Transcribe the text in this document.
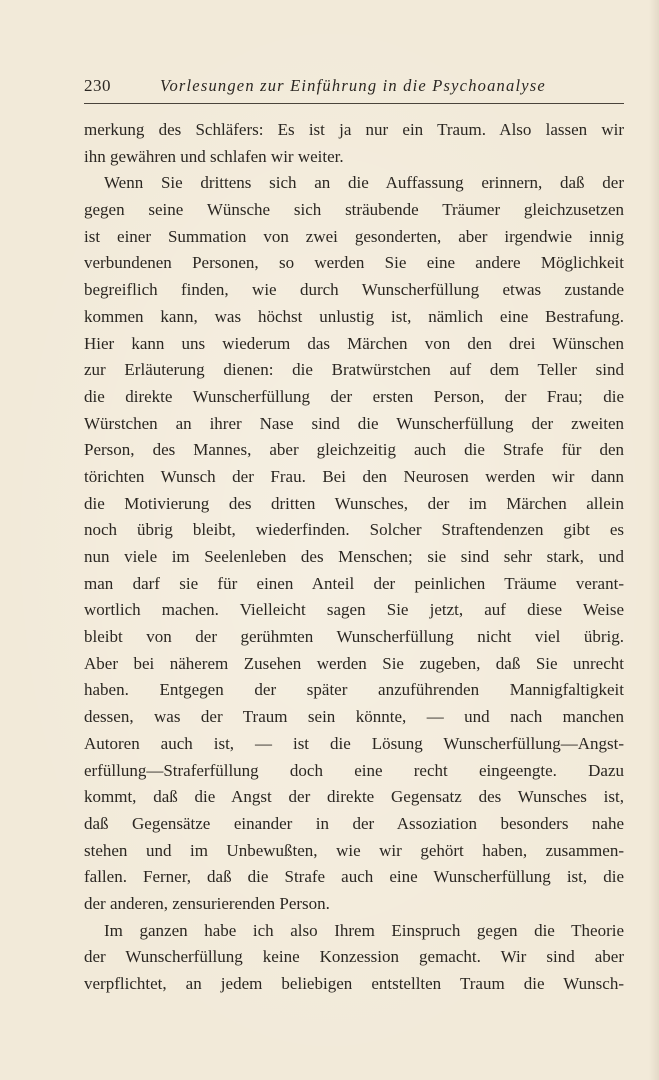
230	Vorlesungen zur Einführung in die Psychoanalyse
merkung des Schläfers: Es ist ja nur ein Traum. Also lassen wir
ihn gewähren und schlafen wir weiter.
Wenn Sie drittens sich an die Auffassung erinnern, daß der
gegen seine Wünsche sich sträubende Träumer gleichzusetzen
ist einer Summation von zwei gesonderten, aber irgendwie innig
verbundenen Personen, so werden Sie eine andere Möglichkeit
begreiflich finden, wie durch Wunscherfüllung etwas zustande
kommen kann, was höchst unlustig ist, nämlich eine Bestrafung.
Hier kann uns wiederum das Märchen von den drei Wünschen
zur Erläuterung dienen: die Bratwürstchen auf dem Teller sind
die direkte Wunscherfüllung der ersten Person, der Frau; die
Würstchen an ihrer Nase sind die Wunscherfüllung der zweiten
Person, des Mannes, aber gleichzeitig auch die Strafe für den
törichten Wunsch der Frau. Bei den Neurosen werden wir dann
die Motivierung des dritten Wunsches, der im Märchen allein
noch übrig bleibt, wiederfinden. Solcher Straftendenzen gibt es
nun viele im Seelenleben des Menschen; sie sind sehr stark, und
man darf sie für einen Anteil der peinlichen Träume verant-
wortlich machen. Vielleicht sagen Sie jetzt, auf diese Weise
bleibt von der gerühmten Wunscherfüllung nicht viel übrig.
Aber bei näherem Zusehen werden Sie zugeben, daß Sie unrecht
haben. Entgegen der später anzuführenden Mannigfaltigkeit
dessen, was der Traum sein könnte, — und nach manchen
Autoren auch ist, — ist die Lösung Wunscherfüllung—Angst-
erfüllung—Straferfüllung doch eine recht eingeengte. Dazu
kommt, daß die Angst der direkte Gegensatz des Wunsches ist,
daß Gegensätze einander in der Assoziation besonders nahe
stehen und im Unbewußten, wie wir gehört haben, zusammen-
fallen. Ferner, daß die Strafe auch eine Wunscherfüllung ist, die
der anderen, zensurierenden Person.
Im ganzen habe ich also Ihrem Einspruch gegen die Theorie
der Wunscherfüllung keine Konzession gemacht. Wir sind aber
verpflichtet, an jedem beliebigen entstellten Traum die Wunsch-
